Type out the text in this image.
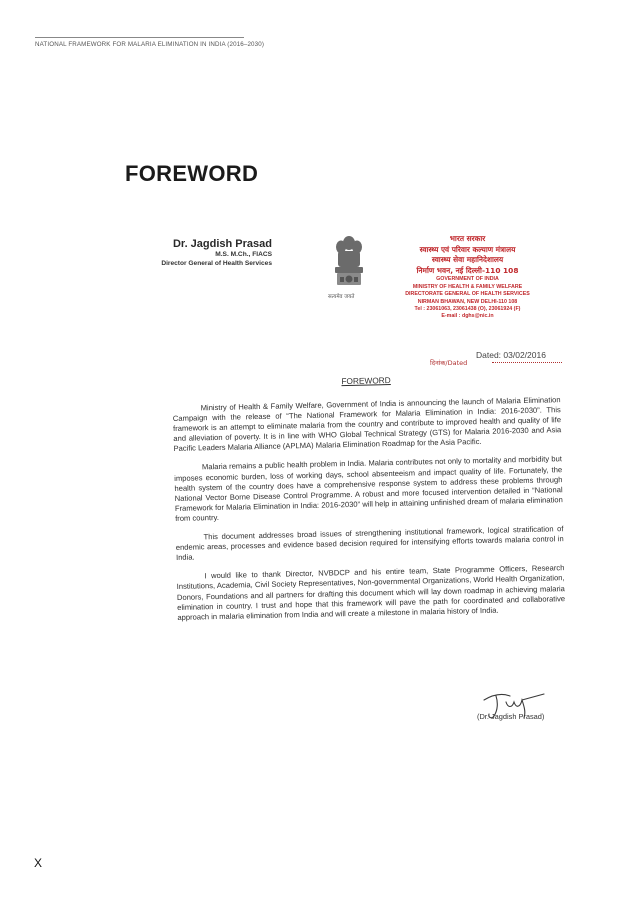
NATIONAL FRAMEWORK FOR MALARIA ELIMINATION IN INDIA (2016–2030)
FOREWORD
Dr. Jagdish Prasad
M.S. M.Ch., FIACS
Director General of Health Services
सत्यमेव जयते
भारत सरकार
स्वास्थ्य एवं परिवार कल्याण मंत्रालय
स्वास्थ्य सेवा महानिदेशालय
निर्माण भवन, नई दिल्ली-110 108
GOVERNMENT OF INDIA
MINISTRY OF HEALTH & FAMILY WELFARE
DIRECTORATE GENERAL OF HEALTH SERVICES
NIRMAN BHAWAN, NEW DELHI-110 108
Tel : 23061063, 23061438 (O), 23061924 (F)
E-mail : dghs@nic.in
दिनांक/Dated
Dated: 03/02/2016
FOREWORD

Ministry of Health & Family Welfare, Government of India is announcing the launch of Malaria Elimination Campaign with the release of “The National Framework for Malaria Elimination in India: 2016-2030”. This framework is an attempt to eliminate malaria from the country and contribute to improved health and quality of life and alleviation of poverty. It is in line with WHO Global Technical Strategy (GTS) for Malaria 2016-2030 and Asia Pacific Leaders Malaria Alliance (APLMA) Malaria Elimination Roadmap for the Asia Pacific.

Malaria remains a public health problem in India. Malaria contributes not only to mortality and morbidity but imposes economic burden, loss of working days, school absenteeism and impact quality of life. Fortunately, the health system of the country does have a comprehensive response system to address these problems through National Vector Borne Disease Control Programme. A robust and more focused intervention detailed in “National Framework for Malaria Elimination in India: 2016-2030” will help in attaining unfinished dream of malaria elimination from country.

This document addresses broad issues of strengthening institutional framework, logical stratification of endemic areas, processes and evidence based decision required for intensifying efforts towards malaria control in India.

I would like to thank Director, NVBDCP and his entire team, State Programme Officers, Research Institutions, Academia, Civil Society Representatives, Non-governmental Organizations, World Health Organization, Donors, Foundations and all partners for drafting this document which will lay down roadmap in achieving malaria elimination in country. I trust and hope that this framework will pave the path for coordinated and collaborative approach in malaria elimination from India and will create a milestone in malaria history of India.

(Dr. Jagdish Prasad)
X
